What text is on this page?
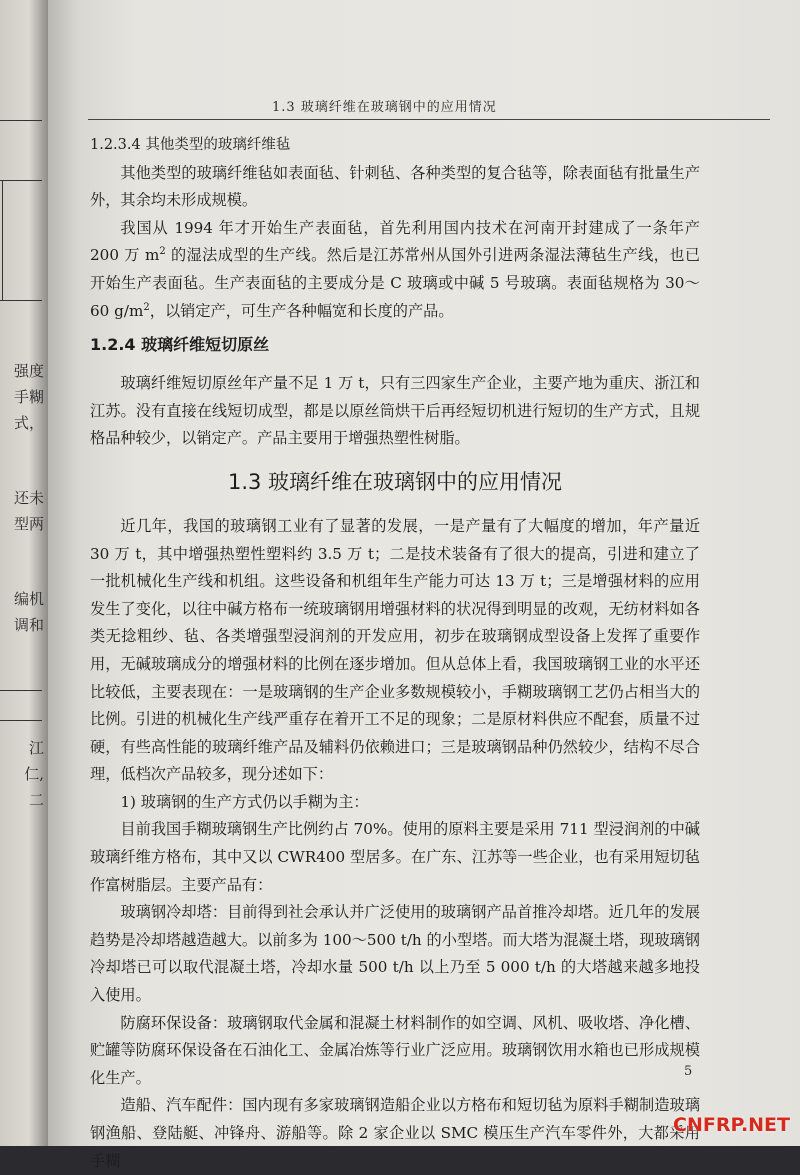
强度
手糊
式，
还未
型两
编机
调和
江
仁,
二
1.3 玻璃纤维在玻璃钢中的应用情况
1.2.3.4 其他类型的玻璃纤维毡

其他类型的玻璃纤维毡如表面毡、针刺毡、各种类型的复合毡等，除表面毡有批量生产外，其余均未形成规模。

我国从 1994 年才开始生产表面毡，首先利用国内技术在河南开封建成了一条年产 200 万 $m^2$ 的湿法成型的生产线。然后是江苏常州从国外引进两条湿法薄毡生产线，也已开始生产表面毡。生产表面毡的主要成分是 C 玻璃或中碱 5 号玻璃。表面毡规格为 30～60 $g/m^2$，以销定产，可生产各种幅宽和长度的产品。

1.2.4 玻璃纤维短切原丝

玻璃纤维短切原丝年产量不足 1 万 t，只有三四家生产企业，主要产地为重庆、浙江和江苏。没有直接在线短切成型，都是以原丝筒烘干后再经短切机进行短切的生产方式，且规格品种较少，以销定产。产品主要用于增强热塑性树脂。

1.3 玻璃纤维在玻璃钢中的应用情况

近几年，我国的玻璃钢工业有了显著的发展，一是产量有了大幅度的增加，年产量近 30 万 t，其中增强热塑性塑料约 3.5 万 t；二是技术装备有了很大的提高，引进和建立了一批机械化生产线和机组。这些设备和机组年生产能力可达 13 万 t；三是增强材料的应用发生了变化，以往中碱方格布一统玻璃钢用增强材料的状况得到明显的改观，无纺材料如各类无捻粗纱、毡、各类增强型浸润剂的开发应用，初步在玻璃钢成型设备上发挥了重要作用，无碱玻璃成分的增强材料的比例在逐步增加。但从总体上看，我国玻璃钢工业的水平还比较低，主要表现在：一是玻璃钢的生产企业多数规模较小，手糊玻璃钢工艺仍占相当大的比例。引进的机械化生产线严重存在着开工不足的现象；二是原材料供应不配套，质量不过硬，有些高性能的玻璃纤维产品及辅料仍依赖进口；三是玻璃钢品种仍然较少，结构不尽合理，低档次产品较多，现分述如下：

1) 玻璃钢的生产方式仍以手糊为主：

目前我国手糊玻璃钢生产比例约占 70%。使用的原料主要是采用 711 型浸润剂的中碱玻璃纤维方格布，其中又以 CWR400 型居多。在广东、江苏等一些企业，也有采用短切毡作富树脂层。主要产品有：

玻璃钢冷却塔：目前得到社会承认并广泛使用的玻璃钢产品首推冷却塔。近几年的发展趋势是冷却塔越造越大。以前多为 100～500 t/h 的小型塔。而大塔为混凝土塔，现玻璃钢冷却塔已可以取代混凝土塔，冷却水量 500 t/h 以上乃至 5 000 t/h 的大塔越来越多地投入使用。

防腐环保设备：玻璃钢取代金属和混凝土材料制作的如空调、风机、吸收塔、净化槽、贮罐等防腐环保设备在石油化工、金属冶炼等行业广泛应用。玻璃钢饮用水箱也已形成规模化生产。

造船、汽车配件：国内现有多家玻璃钢造船企业以方格布和短切毡为原料手糊制造玻璃钢渔船、登陆艇、冲锋舟、游船等。除 2 家企业以 SMC 模压生产汽车零件外，大都采用手糊

5
CNFRP.NET
